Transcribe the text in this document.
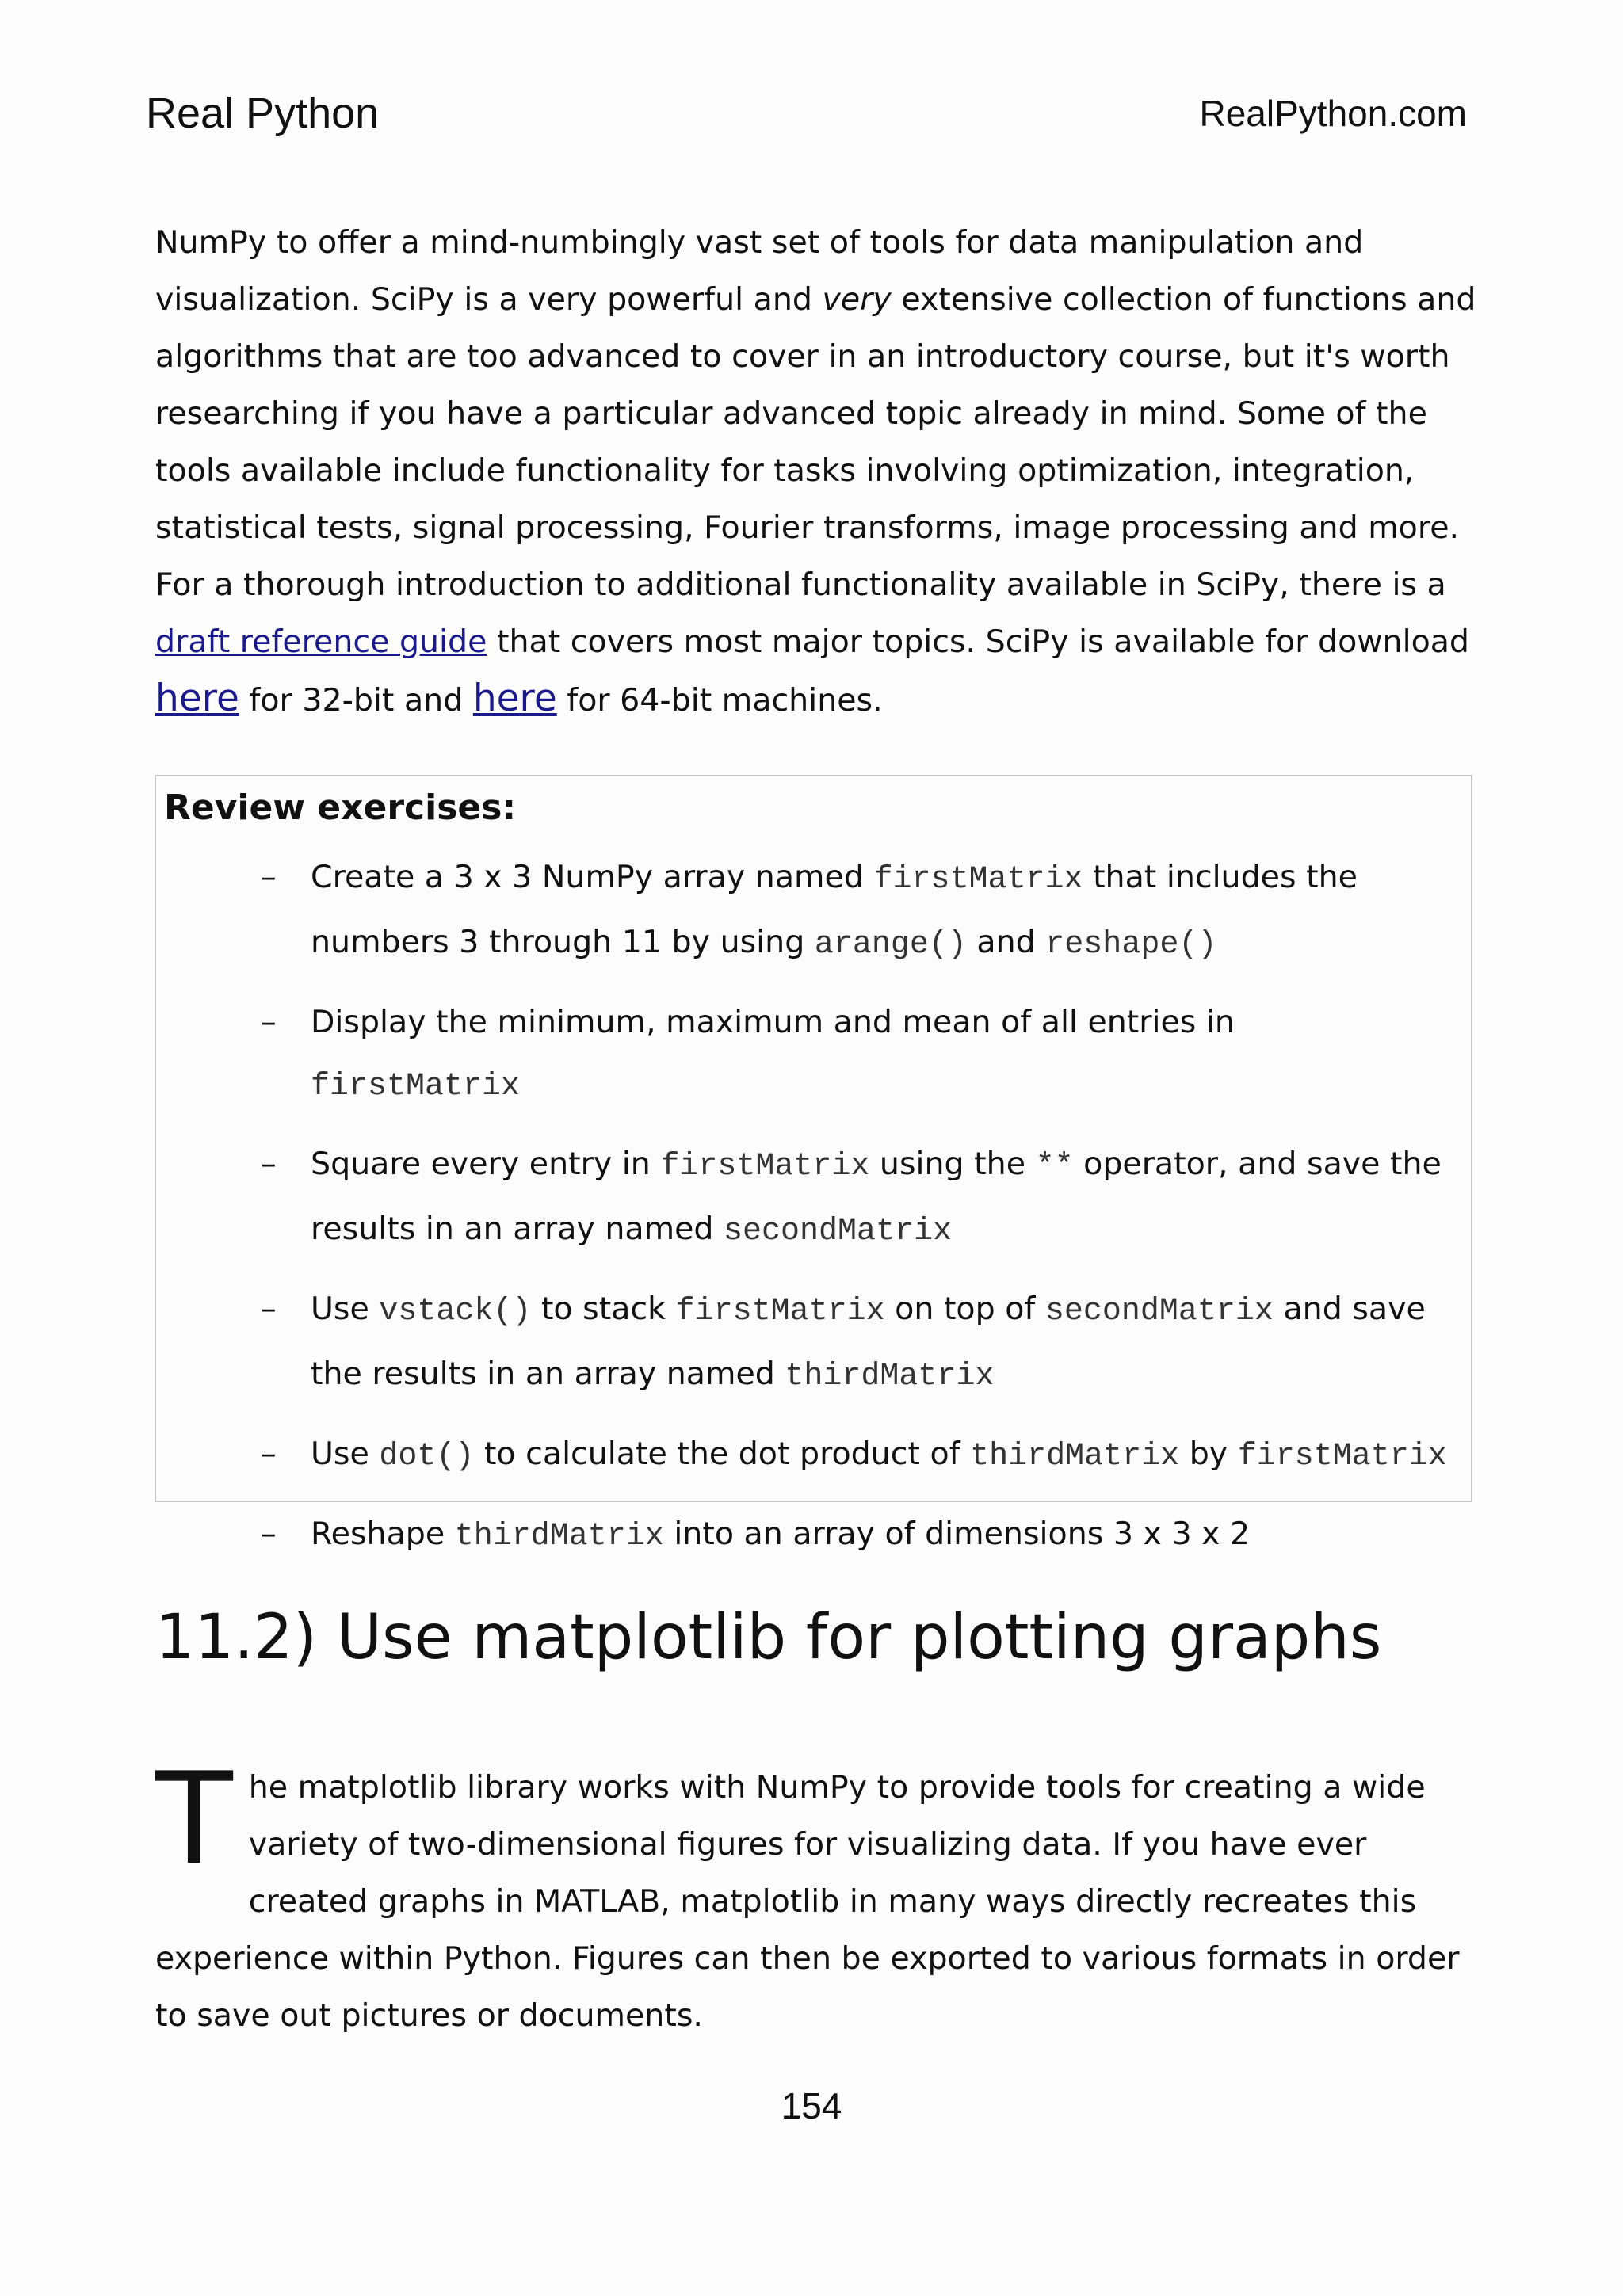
Real Python	RealPython.com

NumPy to offer a mind-numbingly vast set of tools for data manipulation and visualization. SciPy is a very powerful and very extensive collection of functions and algorithms that are too advanced to cover in an introductory course, but it's worth researching if you have a particular advanced topic already in mind. Some of the tools available include functionality for tasks involving optimization, integration, statistical tests, signal processing, Fourier transforms, image processing and more. For a thorough introduction to additional functionality available in SciPy, there is a draft reference guide that covers most major topics. SciPy is available for download here for 32-bit and here for 64-bit machines.

Review exercises:
– Create a 3 x 3 NumPy array named firstMatrix that includes the numbers 3 through 11 by using arange() and reshape()
– Display the minimum, maximum and mean of all entries in firstMatrix
– Square every entry in firstMatrix using the ** operator, and save the results in an array named secondMatrix
– Use vstack() to stack firstMatrix on top of secondMatrix and save the results in an array named thirdMatrix
– Use dot() to calculate the dot product of thirdMatrix by firstMatrix
– Reshape thirdMatrix into an array of dimensions 3 x 3 x 2
11.2) Use matplotlib for plotting graphs

The matplotlib library works with NumPy to provide tools for creating a wide variety of two-dimensional figures for visualizing data. If you have ever created graphs in MATLAB, matplotlib in many ways directly recreates this experience within Python. Figures can then be exported to various formats in order to save out pictures or documents.

154
